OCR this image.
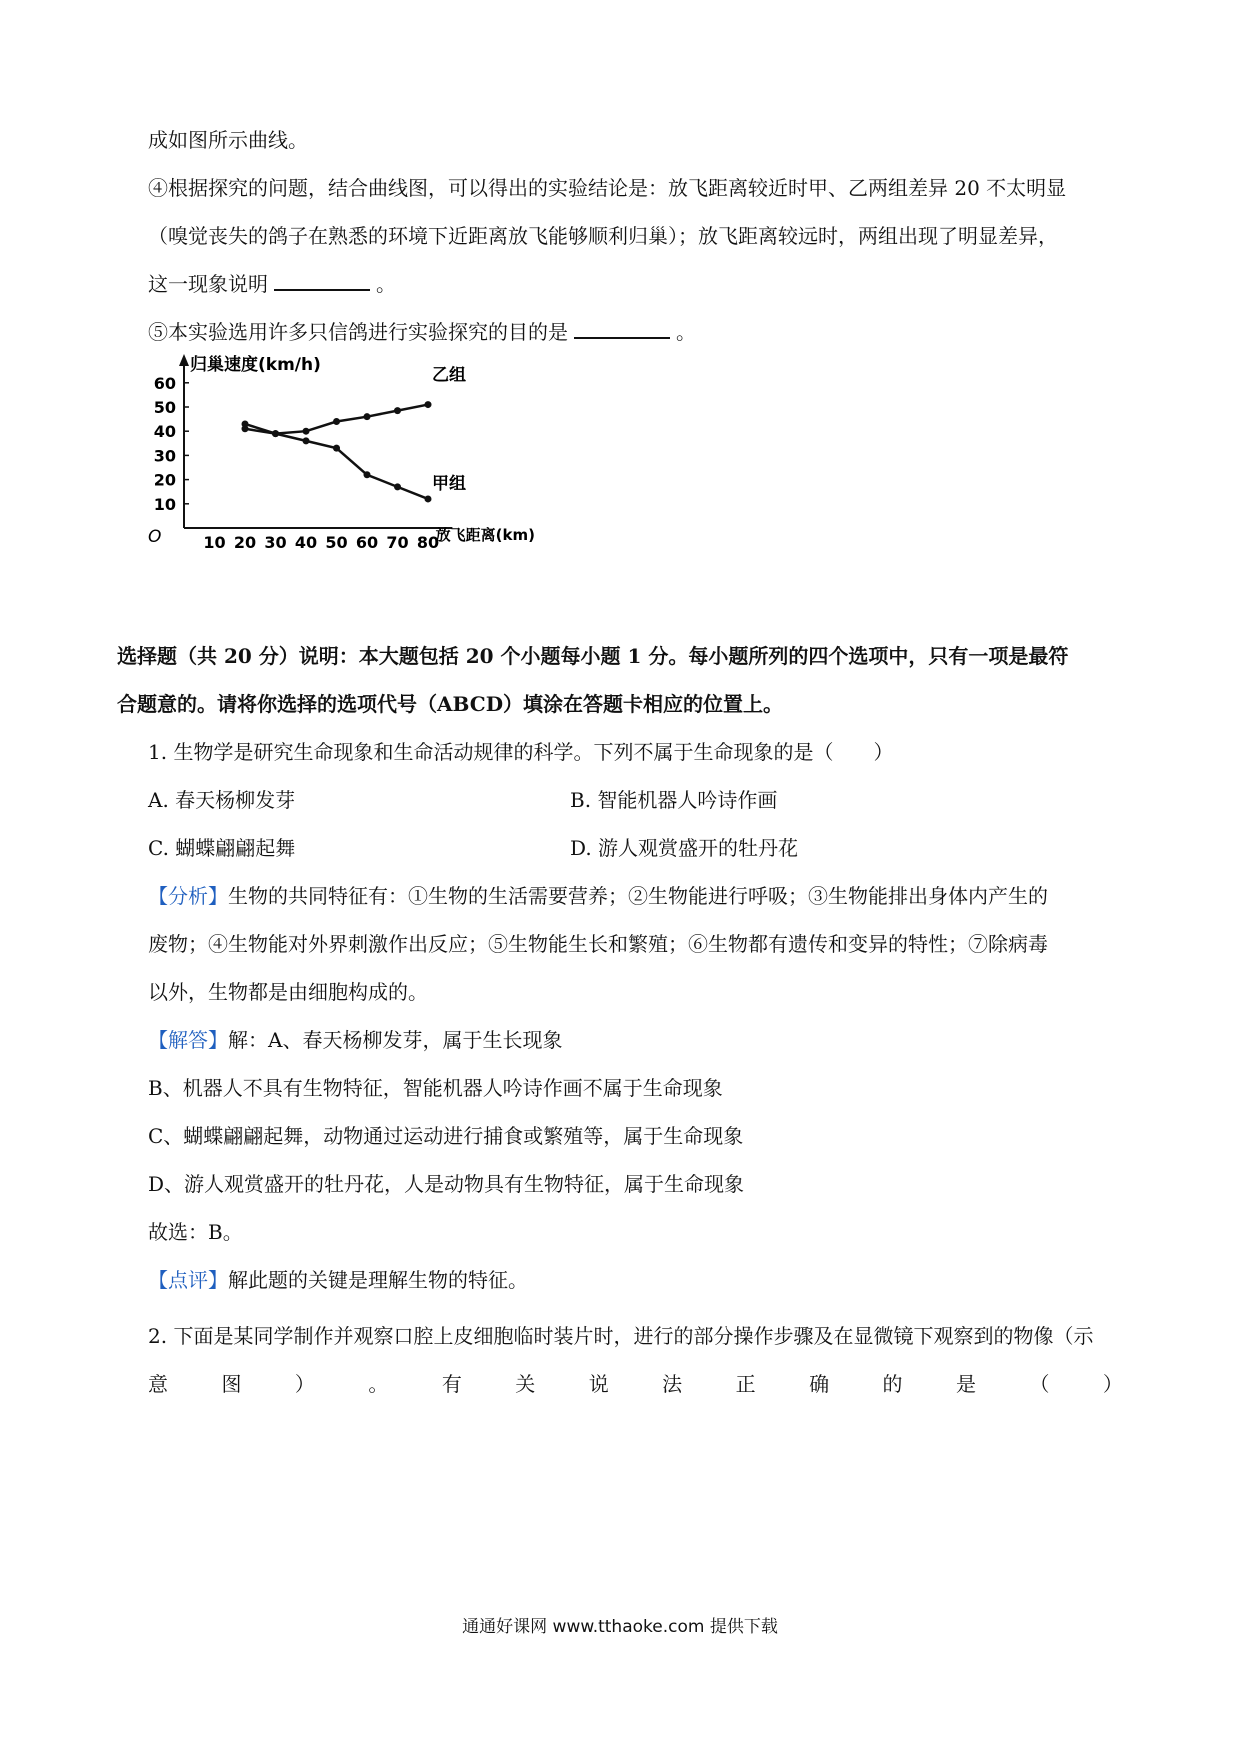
成如图所示曲线。
④根据探究的问题，结合曲线图，可以得出的实验结论是：放飞距离较近时甲、乙两组差异 20 不太明显
（嗅觉丧失的鸽子在熟悉的环境下近距离放飞能够顺利归巢）；放飞距离较远时，两组出现了明显差异，
这一现象说明	。
⑤本实验选用许多只信鸽进行实验探究的目的是	。
归巢速度(km/h)
放飞距离(km)
O
10
20
30
40
50
60
10 20 30 40 50 60 70 80
乙组
甲组
选择题（共 20 分）说明：本大题包括 20 个小题每小题 1 分。每小题所列的四个选项中，只有一项是最符
合题意的。请将你选择的选项代号（ABCD）填涂在答题卡相应的位置上。
1. 生物学是研究生命现象和生命活动规律的科学。下列不属于生命现象的是（　　）
A. 春天杨柳发芽	B. 智能机器人吟诗作画
C. 蝴蝶翩翩起舞	D. 游人观赏盛开的牡丹花
【分析】生物的共同特征有：①生物的生活需要营养；②生物能进行呼吸；③生物能排出身体内产生的
废物；④生物能对外界刺激作出反应；⑤生物能生长和繁殖；⑥生物都有遗传和变异的特性；⑦除病毒
以外，生物都是由细胞构成的。
【解答】解：A、春天杨柳发芽，属于生长现象
B、机器人不具有生物特征，智能机器人吟诗作画不属于生命现象
C、蝴蝶翩翩起舞，动物通过运动进行捕食或繁殖等，属于生命现象
D、游人观赏盛开的牡丹花，人是动物具有生物特征，属于生命现象
故选：B。
【点评】解此题的关键是理解生物的特征。
2. 下面是某同学制作并观察口腔上皮细胞临时装片时，进行的部分操作步骤及在显微镜下观察到的物像（示
意	图	）	。	有	关	说	法	正	确	的	是	（	）
通通好课网 www.tthaoke.com 提供下载
